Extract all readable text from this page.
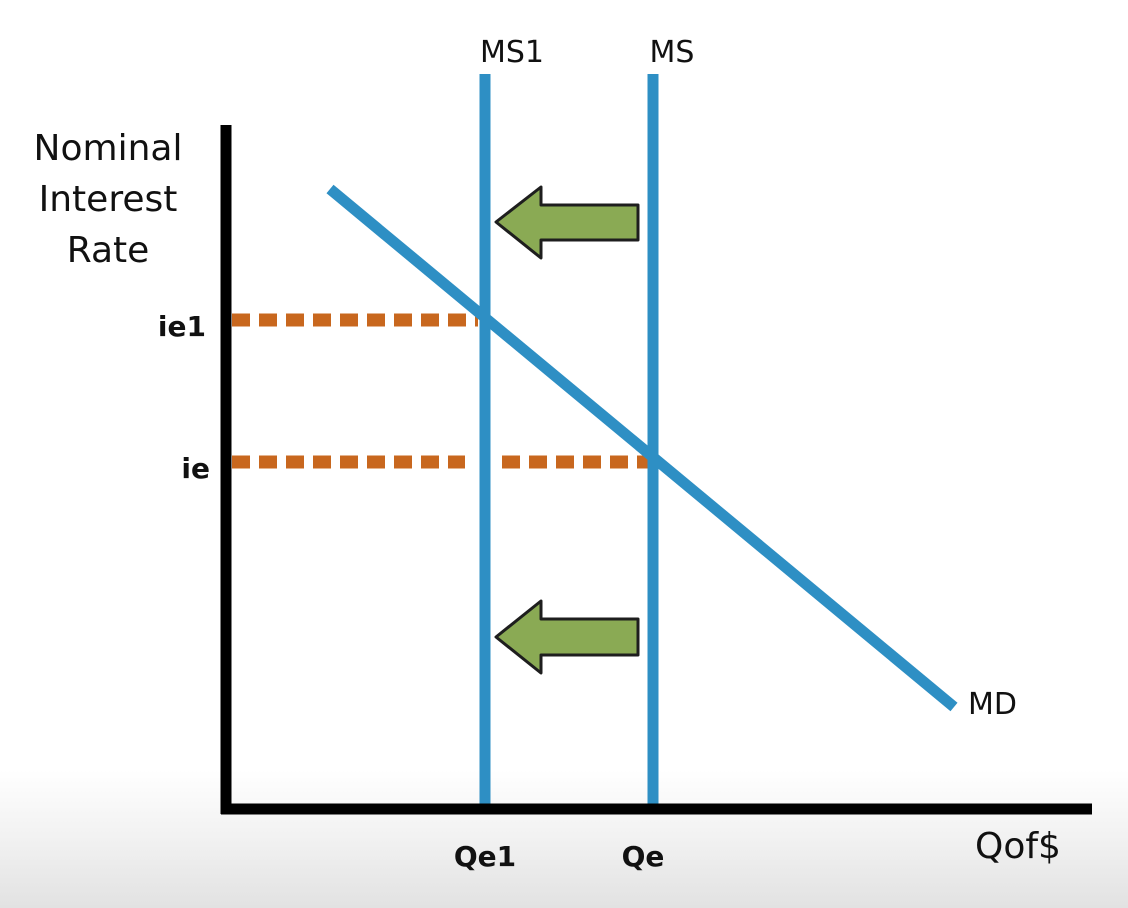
Nominal
Interest
Rate
MS1	MS
MD
ie1
ie
Qe1	Qe	Qof$
